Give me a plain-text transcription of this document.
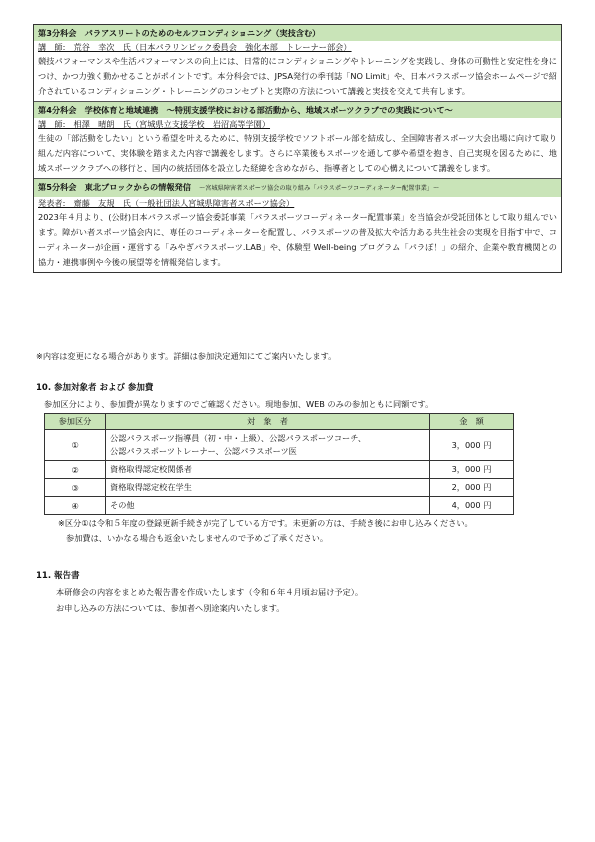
第3分科会　パラアスリートのためのセルフコンディショニング（実技含む）
講　師:　荒谷　幸次　氏（日本パラリンピック委員会　強化本部　トレーナー部会）
競技パフォーマンスや生活パフォーマンスの向上には、日常的にコンディショニングやトレーニングを実践し、身体の可動性と安定性を身につけ、かつ力強く動かせることがポイントです。本分科会では、JPSA発行の季刊誌「NO Limit」や、日本パラスポーツ協会ホームページで紹介されているコンディショニング・トレーニングのコンセプトと実際の方法について講義と実技を交えて共有します。
第4分科会　学校体育と地域連携　～特別支援学校における部活動から、地域スポーツクラブでの実践について～
講　師:　相澤　晴朗　氏（宮城県立支援学校　岩沼高等学園）
生徒の「部活動をしたい」という希望を叶えるために、特別支援学校でソフトボール部を結成し、全国障害者スポーツ大会出場に向けて取り組んだ内容について、実体験を踏まえた内容で講義をします。さらに卒業後もスポーツを通して夢や希望を抱き、自己実現を図るために、地域スポーツクラブへの移行と、国内の統括団体を設立した経緯を含めながら、指導者としての心構えについて講義をします。
第5分科会　東北ブロックからの情報発信　 ～宮城県障害者スポーツ協会の取り組み「パラスポーツコーディネーター配置事業」～
発表者:　齋藤　友規　氏（一般社団法人宮城県障害者スポーツ協会）
2023年４月より、(公財)日本パラスポーツ協会委託事業「パラスポーツコーディネーター配置事業」を当協会が受託団体として取り組んでいます。障がい者スポーツ協会内に、専任のコーディネーターを配置し、パラスポーツの普及拡大や活力ある共生社会の実現を目指す中で、コーディネーターが企画・運営する「みやぎパラスポーツ.LAB」や、体験型 Well-being プログラム「パラぽ！」の紹介、企業や教育機関との協力・連携事例や今後の展望等を情報発信します。
※内容は変更になる場合があります。詳細は参加決定通知にてご案内いたします。
10. 参加対象者 および 参加費
参加区分により、参加費が異なりますのでご確認ください。現地参加、WEB のみの参加ともに同額です。
参加区分	対　象　者	金　額
①	公認パラスポーツ指導員（初・中・上級）、公認パラスポーツコーチ、
公認パラスポーツトレーナー、公認パラスポーツ医	3，000 円
②	資格取得認定校関係者	3，000 円
③	資格取得認定校在学生	2，000 円
④	その他	4，000 円
※区分①は令和５年度の登録更新手続きが完了している方です。未更新の方は、手続き後にお申し込みください。
参加費は、いかなる場合も返金いたしませんので予めご了承ください。
11. 報告書
本研修会の内容をまとめた報告書を作成いたします（令和６年４月頃お届け予定）。
お申し込みの方法については、参加者へ別途案内いたします。
